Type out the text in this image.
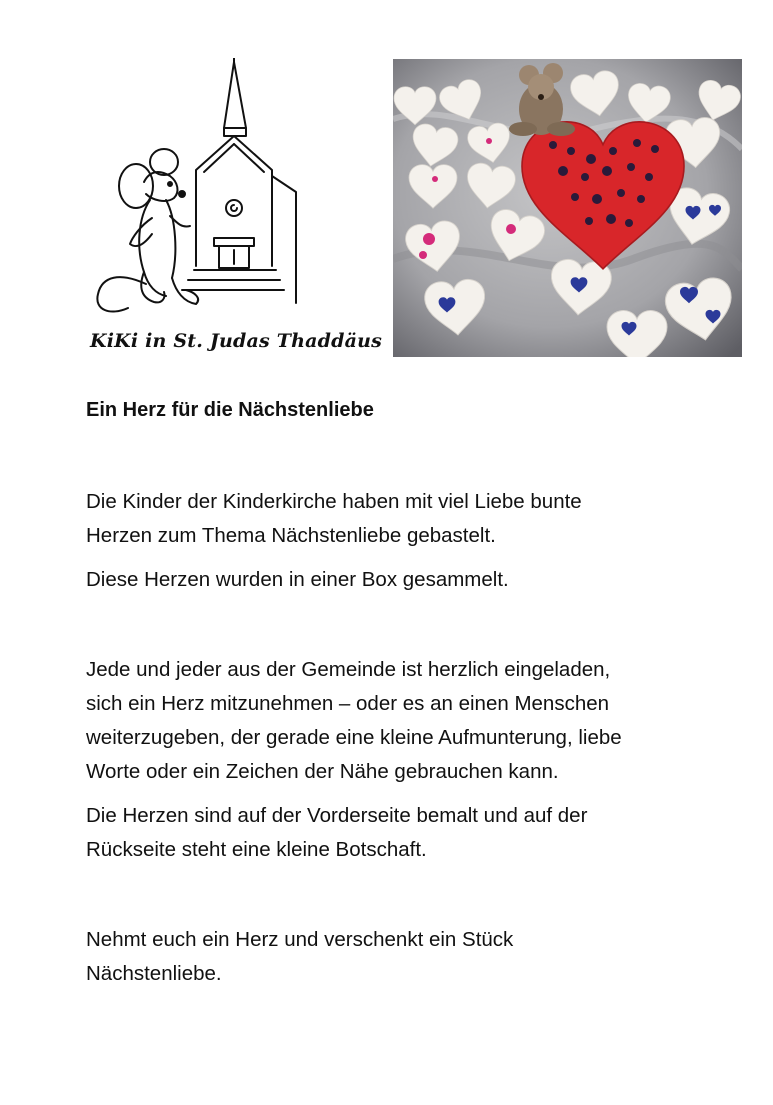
KiKi in St. Judas Thaddäus
Ein Herz für die Nächstenliebe

Die Kinder der Kinderkirche haben mit viel Liebe bunte
Herzen zum Thema Nächstenliebe gebastelt.

Diese Herzen wurden in einer Box gesammelt.

Jede und jeder aus der Gemeinde ist herzlich eingeladen,
sich ein Herz mitzunehmen – oder es an einen Menschen
weiterzugeben, der gerade eine kleine Aufmunterung, liebe
Worte oder ein Zeichen der Nähe gebrauchen kann.

Die Herzen sind auf der Vorderseite bemalt und auf der
Rückseite steht eine kleine Botschaft.

Nehmt euch ein Herz und verschenkt ein Stück
Nächstenliebe.
